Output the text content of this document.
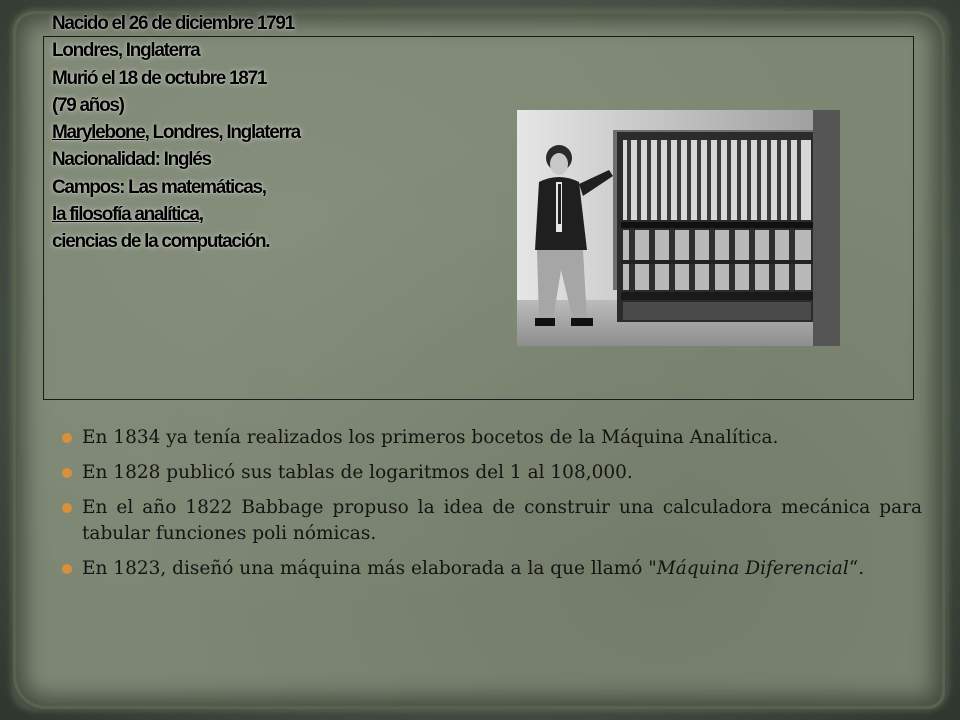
Nacido el 26 de diciembre 1791
Londres, Inglaterra
Murió el 18 de octubre 1871
(79 años)
Marylebone, Londres, Inglaterra
Nacionalidad: Inglés
Campos: Las matemáticas,
la filosofía analítica,
ciencias de la computación.
En 1834 ya tenía realizados los primeros bocetos de la Máquina Analítica.
En 1828 publicó sus tablas de logaritmos del 1 al 108,000.
En el año 1822 Babbage propuso la idea de construir una calculadora mecánica para tabular funciones poli nómicas.
En 1823, diseñó una máquina más elaborada a la que llamó "Máquina Diferencial“.
